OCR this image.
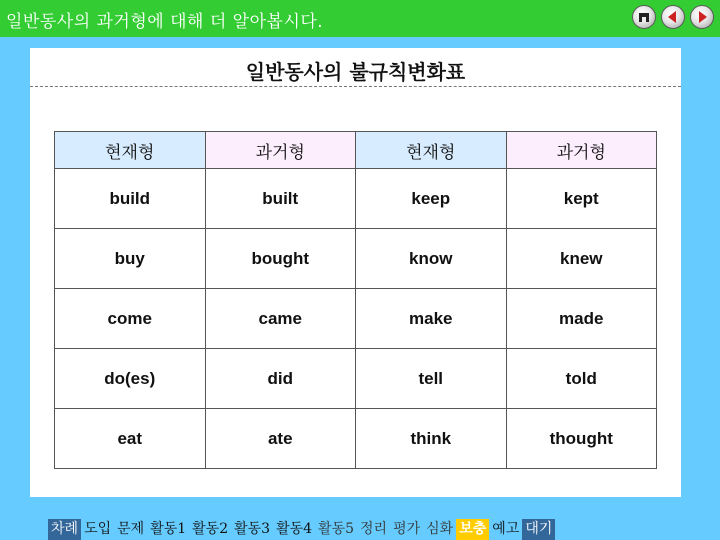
일반동사의 과거형에 대해 더 알아봅시다.
일반동사의 불규칙변화표
현재형	과거형	현재형	과거형
build	built	keep	kept
buy	bought	know	knew
come	came	make	made
do(es)	did	tell	told
eat	ate	think	thought
차례 도입 문제 활동1 활동2 활동3 활동4 활동5 정리 평가 심화 보충 예고 대기
